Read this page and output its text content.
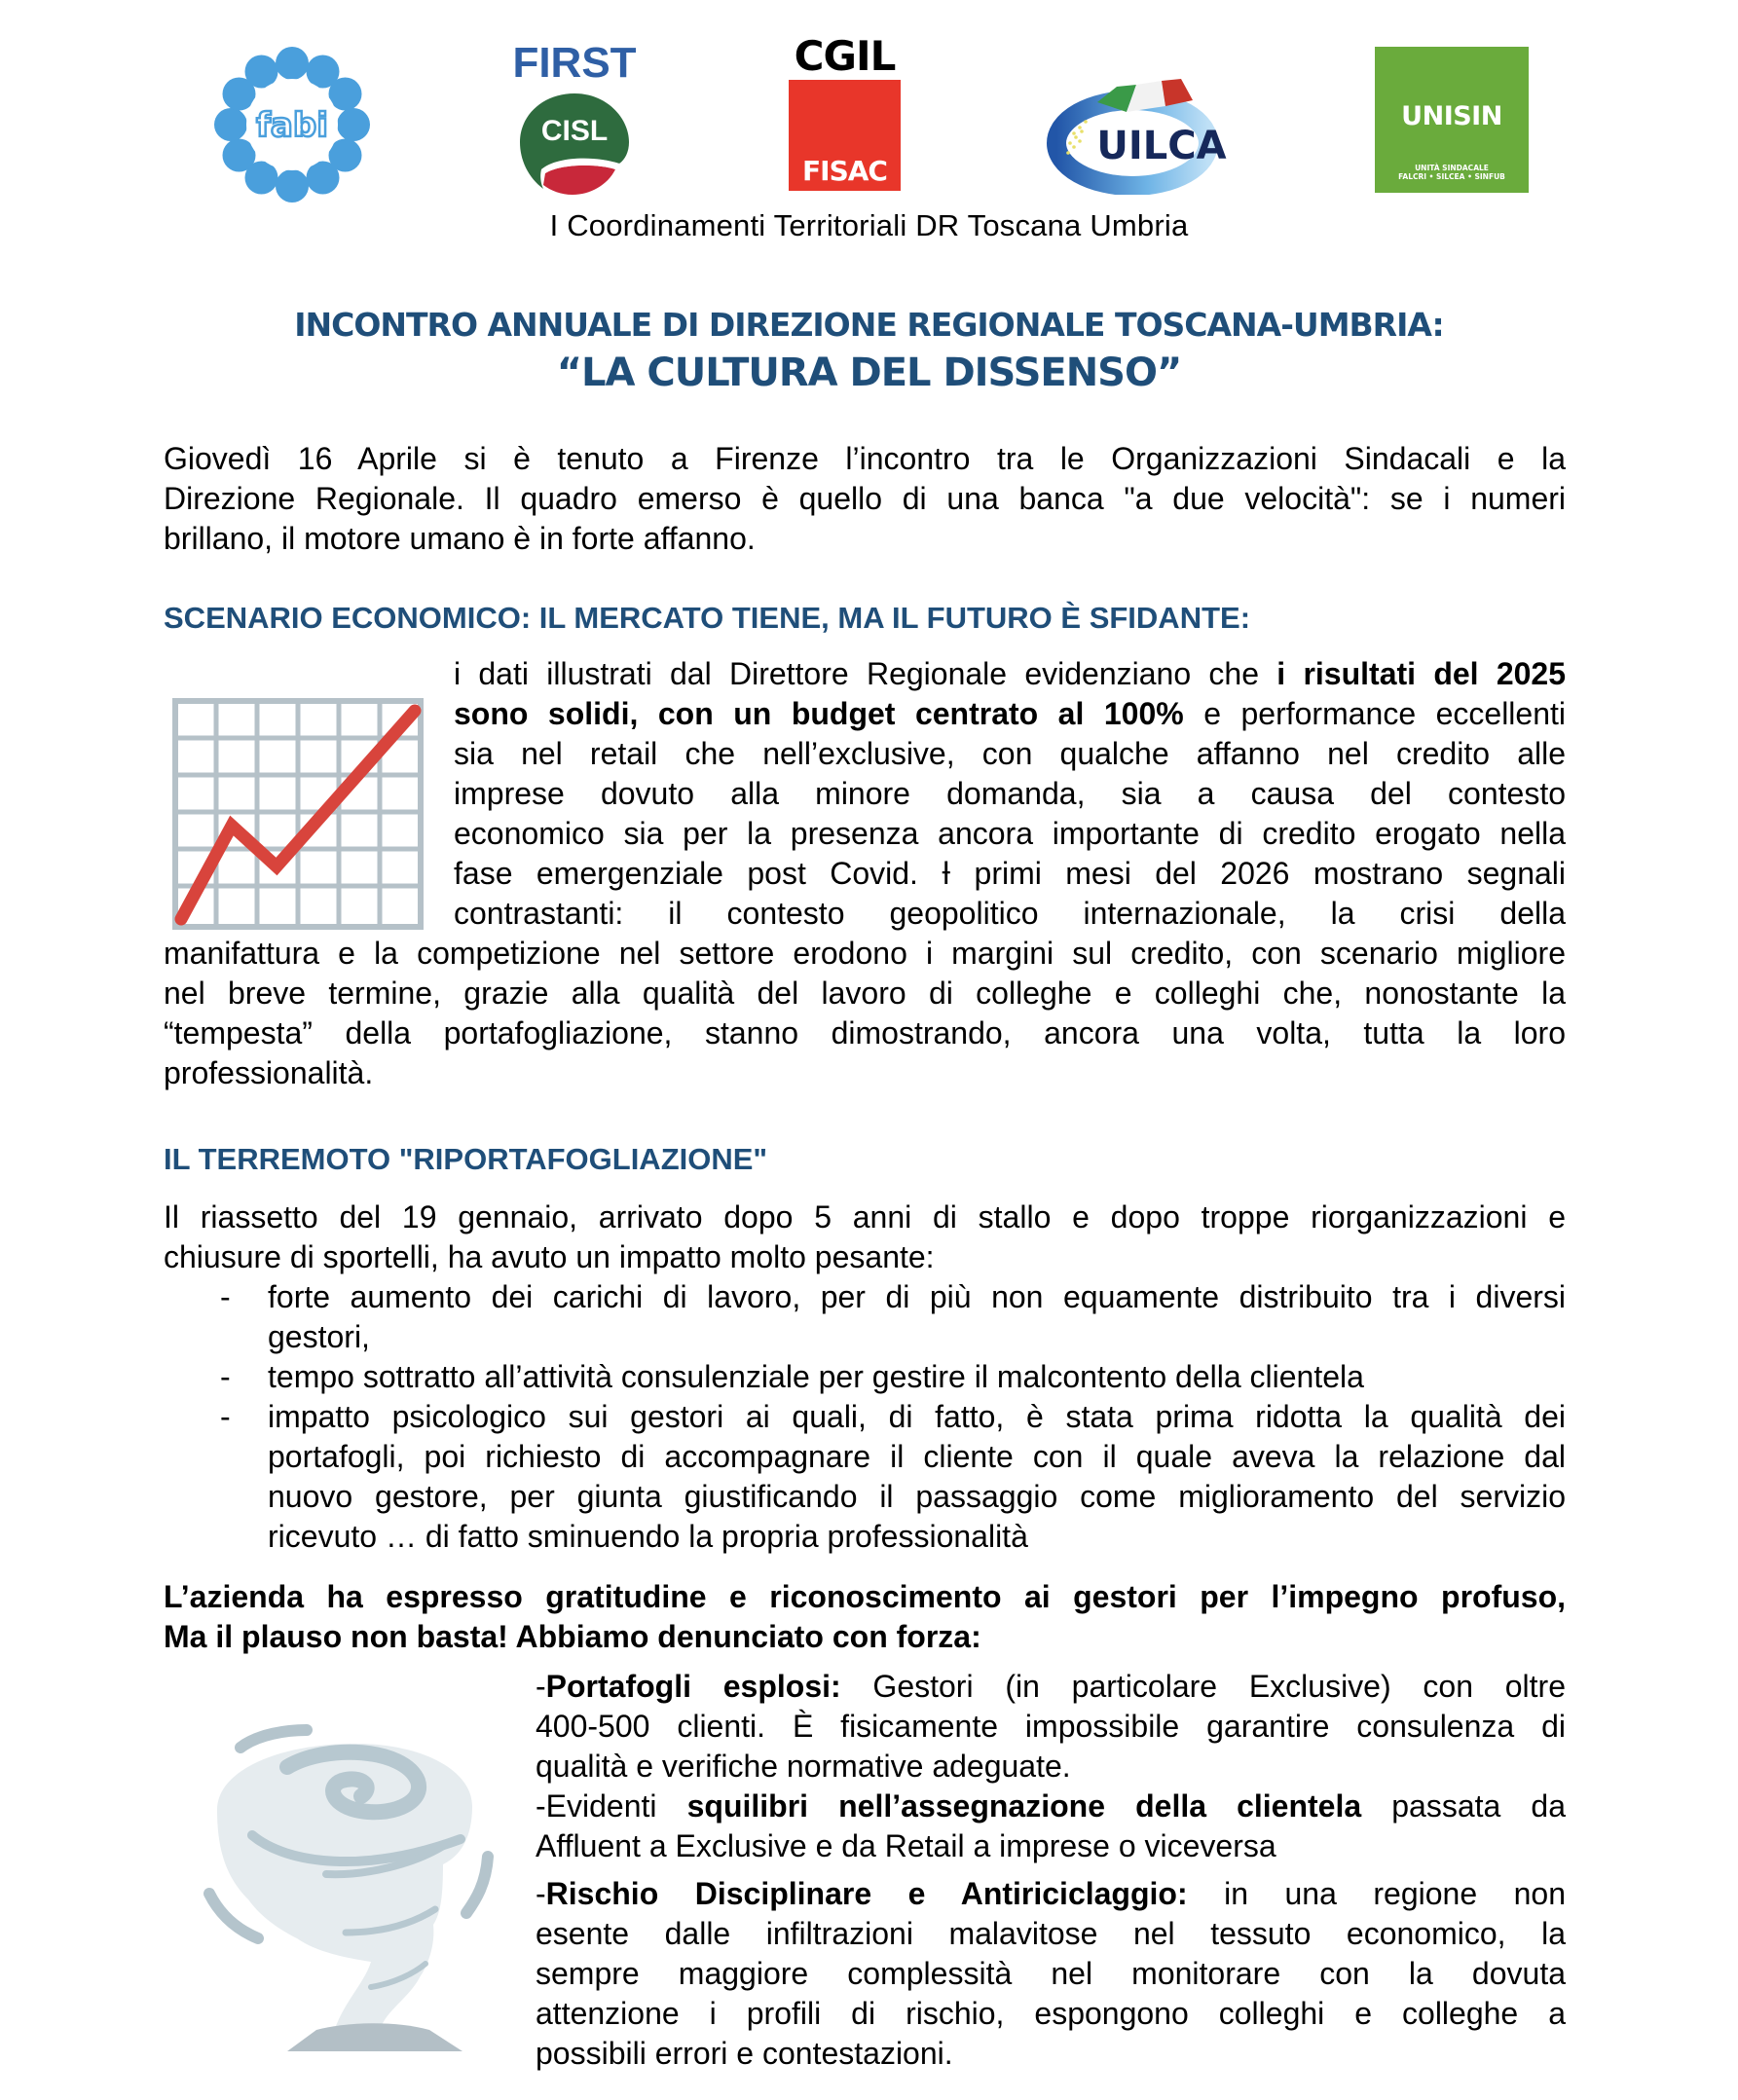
fabi
FIRST
CISL
CGIL
FISAC
UILCA
UNISIN
UNITÀ SINDACALE
FALCRI • SILCEA • SINFUB
I Coordinamenti Territoriali DR Toscana Umbria
INCONTRO ANNUALE DI DIREZIONE REGIONALE TOSCANA-UMBRIA:
“LA CULTURA DEL DISSENSO”
Giovedì 16 Aprile si è tenuto a Firenze l’incontro tra le Organizzazioni Sindacali e la
Direzione Regionale. Il quadro emerso è quello di una banca "a due velocità": se i numeri
brillano, il motore umano è in forte affanno.
SCENARIO ECONOMICO: IL MERCATO TIENE, MA IL FUTURO È SFIDANTE:
i dati illustrati dal Direttore Regionale evidenziano che i risultati del 2025
sono solidi, con un budget centrato al 100% e performance eccellenti
sia nel retail che nell’exclusive, con qualche affanno nel credito alle
imprese dovuto alla minore domanda, sia a causa del contesto
economico sia per la presenza ancora importante di credito erogato nella
fase emergenziale post Covid. Ɨ primi mesi del 2026 mostrano segnali
contrastanti: il contesto geopolitico internazionale, la crisi della
manifattura e la competizione nel settore erodono i margini sul credito, con scenario migliore
nel breve termine, grazie alla qualità del lavoro di colleghe e colleghi che, nonostante la
“tempesta” della portafogliazione, stanno dimostrando, ancora una volta, tutta la loro
professionalità.
IL TERREMOTO "RIPORTAFOGLIAZIONE"
Il riassetto del 19 gennaio, arrivato dopo 5 anni di stallo e dopo troppe riorganizzazioni e
chiusure di sportelli, ha avuto un impatto molto pesante:
- forte aumento dei carichi di lavoro, per di più non equamente distribuito tra i diversi
gestori,
- tempo sottratto all’attività consulenziale per gestire il malcontento della clientela
- impatto psicologico sui gestori ai quali, di fatto, è stata prima ridotta la qualità dei
portafogli, poi richiesto di accompagnare il cliente con il quale aveva la relazione dal
nuovo gestore, per giunta giustificando il passaggio come miglioramento del servizio
ricevuto … di fatto sminuendo la propria professionalità
L’azienda ha espresso gratitudine e riconoscimento ai gestori per l’impegno profuso,
Ma il plauso non basta! Abbiamo denunciato con forza:
-Portafogli esplosi: Gestori (in particolare Exclusive) con oltre
400-500 clienti. È fisicamente impossibile garantire consulenza di
qualità e verifiche normative adeguate.
-Evidenti squilibri nell’assegnazione della clientela passata da
Affluent a Exclusive e da Retail a imprese o viceversa
-Rischio Disciplinare e Antiriciclaggio: in una regione non
esente dalle infiltrazioni malavitose nel tessuto economico, la
sempre maggiore complessità nel monitorare con la dovuta
attenzione i profili di rischio, espongono colleghi e colleghe a
possibili errori e contestazioni.
